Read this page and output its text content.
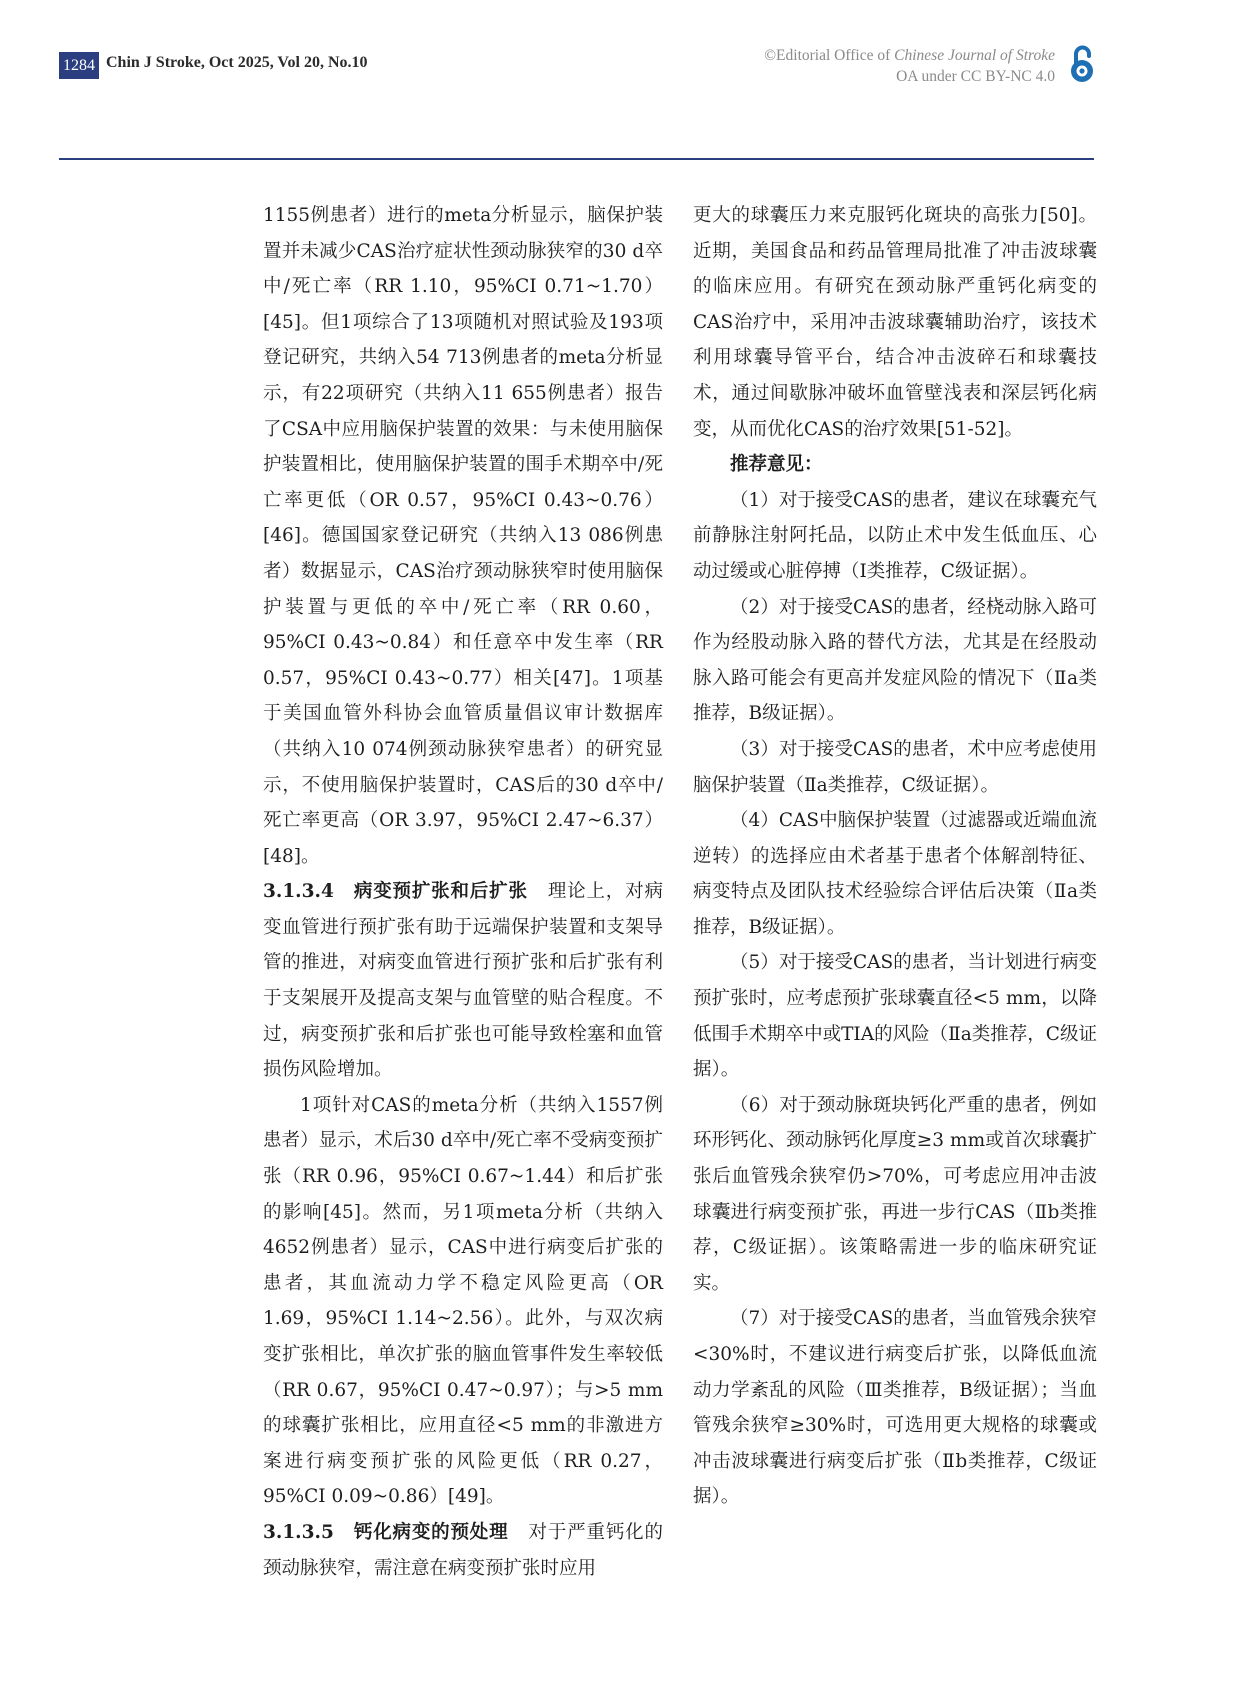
1284 Chin J Stroke, Oct 2025, Vol 20, No.10	©Editorial Office of Chinese Journal of Stroke
OA under CC BY-NC 4.0

1155例患者）进行的meta分析显示，脑保护装置并未减少CAS治疗症状性颈动脉狭窄的30 d卒中/死亡率（RR 1.10，95%CI 0.71~1.70）[45]。但1项综合了13项随机对照试验及193项登记研究，共纳入54 713例患者的meta分析显示，有22项研究（共纳入11 655例患者）报告了CSA中应用脑保护装置的效果：与未使用脑保护装置相比，使用脑保护装置的围手术期卒中/死亡率更低（OR 0.57，95%CI 0.43~0.76）[46]。德国国家登记研究（共纳入13 086例患者）数据显示，CAS治疗颈动脉狭窄时使用脑保护装置与更低的卒中/死亡率（RR 0.60，95%CI 0.43~0.84）和任意卒中发生率（RR 0.57，95%CI 0.43~0.77）相关[47]。1项基于美国血管外科协会血管质量倡议审计数据库（共纳入10 074例颈动脉狭窄患者）的研究显示，不使用脑保护装置时，CAS后的30 d卒中/死亡率更高（OR 3.97，95%CI 2.47~6.37）[48]。

3.1.3.4 病变预扩张和后扩张 理论上，对病变血管进行预扩张有助于远端保护装置和支架导管的推进，对病变血管进行预扩张和后扩张有利于支架展开及提高支架与血管壁的贴合程度。不过，病变预扩张和后扩张也可能导致栓塞和血管损伤风险增加。

1项针对CAS的meta分析（共纳入1557例患者）显示，术后30 d卒中/死亡率不受病变预扩张（RR 0.96，95%CI 0.67~1.44）和后扩张的影响[45]。然而，另1项meta分析（共纳入4652例患者）显示，CAS中进行病变后扩张的患者，其血流动力学不稳定风险更高（OR 1.69，95%CI 1.14~2.56）。此外，与双次病变扩张相比，单次扩张的脑血管事件发生率较低（RR 0.67，95%CI 0.47~0.97）；与>5 mm的球囊扩张相比，应用直径<5 mm的非激进方案进行病变预扩张的风险更低（RR 0.27，95%CI 0.09~0.86）[49]。

3.1.3.5 钙化病变的预处理 对于严重钙化的颈动脉狭窄，需注意在病变预扩张时应用

更大的球囊压力来克服钙化斑块的高张力[50]。近期，美国食品和药品管理局批准了冲击波球囊的临床应用。有研究在颈动脉严重钙化病变的CAS治疗中，采用冲击波球囊辅助治疗，该技术利用球囊导管平台，结合冲击波碎石和球囊技术，通过间歇脉冲破坏血管壁浅表和深层钙化病变，从而优化CAS的治疗效果[51-52]。

推荐意见：

（1）对于接受CAS的患者，建议在球囊充气前静脉注射阿托品，以防止术中发生低血压、心动过缓或心脏停搏（Ⅰ类推荐，C级证据）。

（2）对于接受CAS的患者，经桡动脉入路可作为经股动脉入路的替代方法，尤其是在经股动脉入路可能会有更高并发症风险的情况下（Ⅱa类推荐，B级证据）。

（3）对于接受CAS的患者，术中应考虑使用脑保护装置（Ⅱa类推荐，C级证据）。

（4）CAS中脑保护装置（过滤器或近端血流逆转）的选择应由术者基于患者个体解剖特征、病变特点及团队技术经验综合评估后决策（Ⅱa类推荐，B级证据）。

（5）对于接受CAS的患者，当计划进行病变预扩张时，应考虑预扩张球囊直径<5 mm，以降低围手术期卒中或TIA的风险（Ⅱa类推荐，C级证据）。

（6）对于颈动脉斑块钙化严重的患者，例如环形钙化、颈动脉钙化厚度≥3 mm或首次球囊扩张后血管残余狭窄仍>70%，可考虑应用冲击波球囊进行病变预扩张，再进一步行CAS（Ⅱb类推荐，C级证据）。该策略需进一步的临床研究证实。

（7）对于接受CAS的患者，当血管残余狭窄<30%时，不建议进行病变后扩张，以降低血流动力学紊乱的风险（Ⅲ类推荐，B级证据）；当血管残余狭窄≥30%时，可选用更大规格的球囊或冲击波球囊进行病变后扩张（Ⅱb类推荐，C级证据）。
